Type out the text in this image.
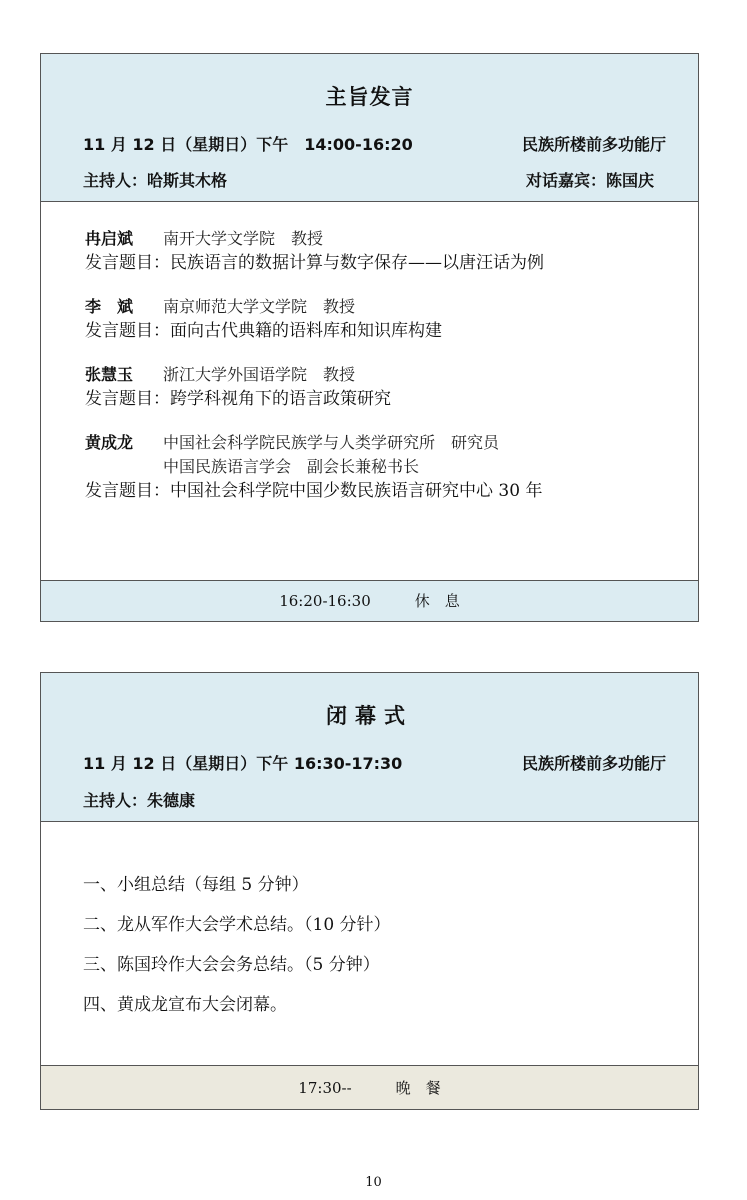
主旨发言
11 月 12 日（星期日）下午　14:00-16:20	民族所楼前多功能厅
主持人：哈斯其木格	对话嘉宾：陈国庆
冉启斌 南开大学文学院　教授
发言题目：民族语言的数据计算与数字保存——以唐汪话为例
李　斌 南京师范大学文学院　教授
发言题目：面向古代典籍的语料库和知识库构建
张慧玉 浙江大学外国语学院　教授
发言题目：跨学科视角下的语言政策研究
黄成龙 中国社会科学院民族学与人类学研究所　研究员
中国民族语言学会　副会长兼秘书长
发言题目：中国社会科学院中国少数民族语言研究中心 30 年
16:20-16:30	休　息
闭幕式
11 月 12 日（星期日）下午 16:30-17:30	民族所楼前多功能厅
主持人：朱德康
一、小组总结（每组 5 分钟）
二、龙从军作大会学术总结。（10 分针）
三、陈国玲作大会会务总结。（5 分钟）
四、黄成龙宣布大会闭幕。
17:30--	晚　餐
10
